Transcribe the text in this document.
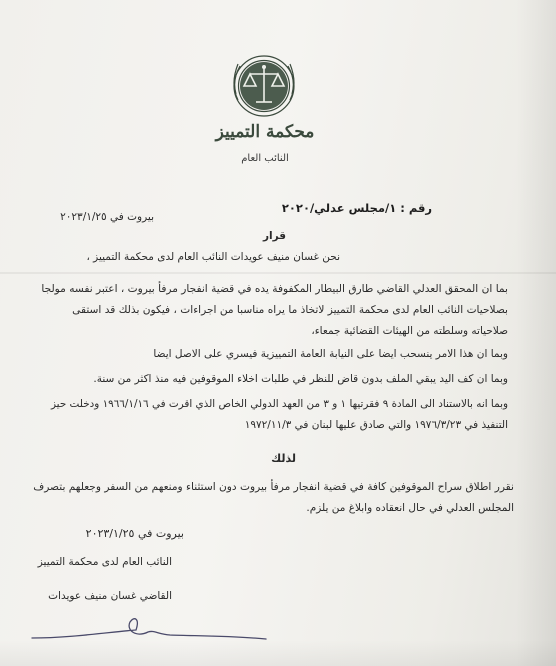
محكمة التمييز
النائب العام
رقم : ١/مجلس عدلي/٢٠٢٠
بيروت في ٢٠٢٣/١/٢٥
قرار
نحن غسان منيف عويدات النائب العام لدى محكمة التمييز ،
بما ان المحقق العدلي القاضي طارق البيطار المكفوفة يده في قضية انفجار مرفأ بيروت ، اعتبر نفسه مولجا
بصلاحيات النائب العام لدى محكمة التمييز لاتخاذ ما يراه مناسبا من اجراءات ، فيكون بذلك قد استقى
صلاحياته وسلطته من الهيئات القضائية جمعاء،
وبما ان هذا الامر ينسحب ايضا على النيابة العامة التمييزية فيسري على الاصل ايضا
وبما ان كف اليد يبقي الملف بدون قاض للنظر في طلبات اخلاء الموقوفين فيه منذ اكثر من سنة.
وبما انه بالاستناد الى المادة ٩ فقرتيها ١ و ٣ من العهد الدولي الخاص الذي اقرت في ١٩٦٦/١/١٦ ودخلت حيز
التنفيذ في ١٩٧٦/٣/٢٣ والتي صادق عليها لبنان في ١٩٧٢/١١/٣
لذلك
نقرر اطلاق سراح الموقوفين كافة في قضية انفجار مرفأ بيروت دون استثناء ومنعهم من السفر وجعلهم بتصرف
المجلس العدلي في حال انعقاده وابلاغ من يلزم.
بيروت في ٢٠٢٣/١/٢٥
النائب العام لدى محكمة التمييز
القاضي غسان منيف عويدات
